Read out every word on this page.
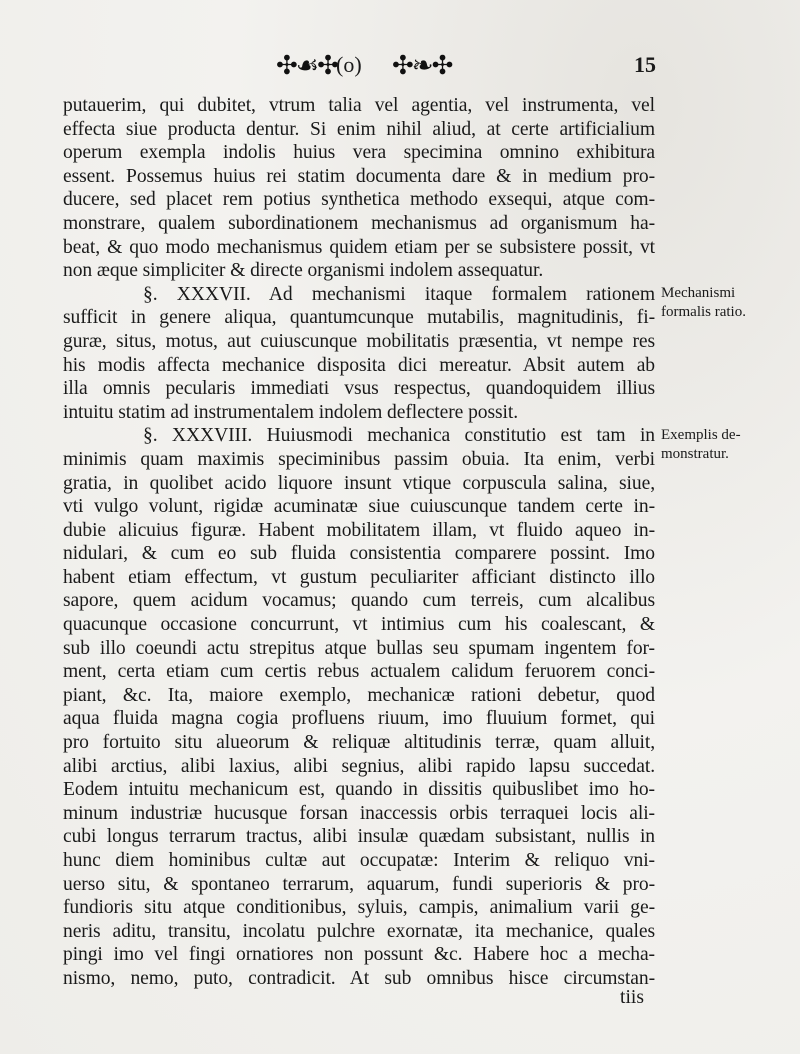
✣☙✣ (o) ✣❧✣	15
putauerim, qui dubitet, vtrum talia vel agentia, vel instrumenta, vel
effecta siue producta dentur. Si enim nihil aliud, at certe artificialium
operum exempla indolis huius vera specimina omnino exhibitura
essent. Possemus huius rei statim documenta dare & in medium pro-
ducere, sed placet rem potius synthetica methodo exsequi, atque com-
monstrare, qualem subordinationem mechanismus ad organismum ha-
beat, & quo modo mechanismus quidem etiam per se subsistere possit, vt
non æque simpliciter & directe organismi indolem assequatur.
§. XXXVII. Ad mechanismi itaque formalem rationem
sufficit in genere aliqua, quantumcunque mutabilis, magnitudinis, fi-
guræ, situs, motus, aut cuiuscunque mobilitatis præsentia, vt nempe res
his modis affecta mechanice disposita dici mereatur. Absit autem ab
illa omnis pecularis immediati vsus respectus, quandoquidem illius
intuitu statim ad instrumentalem indolem deflectere possit.
§. XXXVIII. Huiusmodi mechanica constitutio est tam in
minimis quam maximis speciminibus passim obuia. Ita enim, verbi
gratia, in quolibet acido liquore insunt vtique corpuscula salina, siue,
vti vulgo volunt, rigidæ acuminatæ siue cuiuscunque tandem certe in-
dubie alicuius figuræ. Habent mobilitatem illam, vt fluido aqueo in-
nidulari, & cum eo sub fluida consistentia comparere possint. Imo
habent etiam effectum, vt gustum peculiariter afficiant distincto illo
sapore, quem acidum vocamus; quando cum terreis, cum alcalibus
quacunque occasione concurrunt, vt intimius cum his coalescant, &
sub illo coeundi actu strepitus atque bullas seu spumam ingentem for-
ment, certa etiam cum certis rebus actualem calidum feruorem conci-
piant, &c. Ita, maiore exemplo, mechanicæ rationi debetur, quod
aqua fluida magna cogia profluens riuum, imo fluuium formet, qui
pro fortuito situ alueorum & reliquæ altitudinis terræ, quam alluit,
alibi arctius, alibi laxius, alibi segnius, alibi rapido lapsu succedat.
Eodem intuitu mechanicum est, quando in dissitis quibuslibet imo ho-
minum industriæ hucusque forsan inaccessis orbis terraquei locis ali-
cubi longus terrarum tractus, alibi insulæ quædam subsistant, nullis in
hunc diem hominibus cultæ aut occupatæ: Interim & reliquo vni-
uerso situ, & spontaneo terrarum, aquarum, fundi superioris & pro-
fundioris situ atque conditionibus, syluis, campis, animalium varii ge-
neris aditu, transitu, incolatu pulchre exornatæ, ita mechanice, quales
pingi imo vel fingi ornatiores non possunt &c. Habere hoc a mecha-
nismo, nemo, puto, contradicit. At sub omnibus hisce circumstan-
Mechanismi
formalis ratio.
Exemplis de-
monstratur.
tiis
